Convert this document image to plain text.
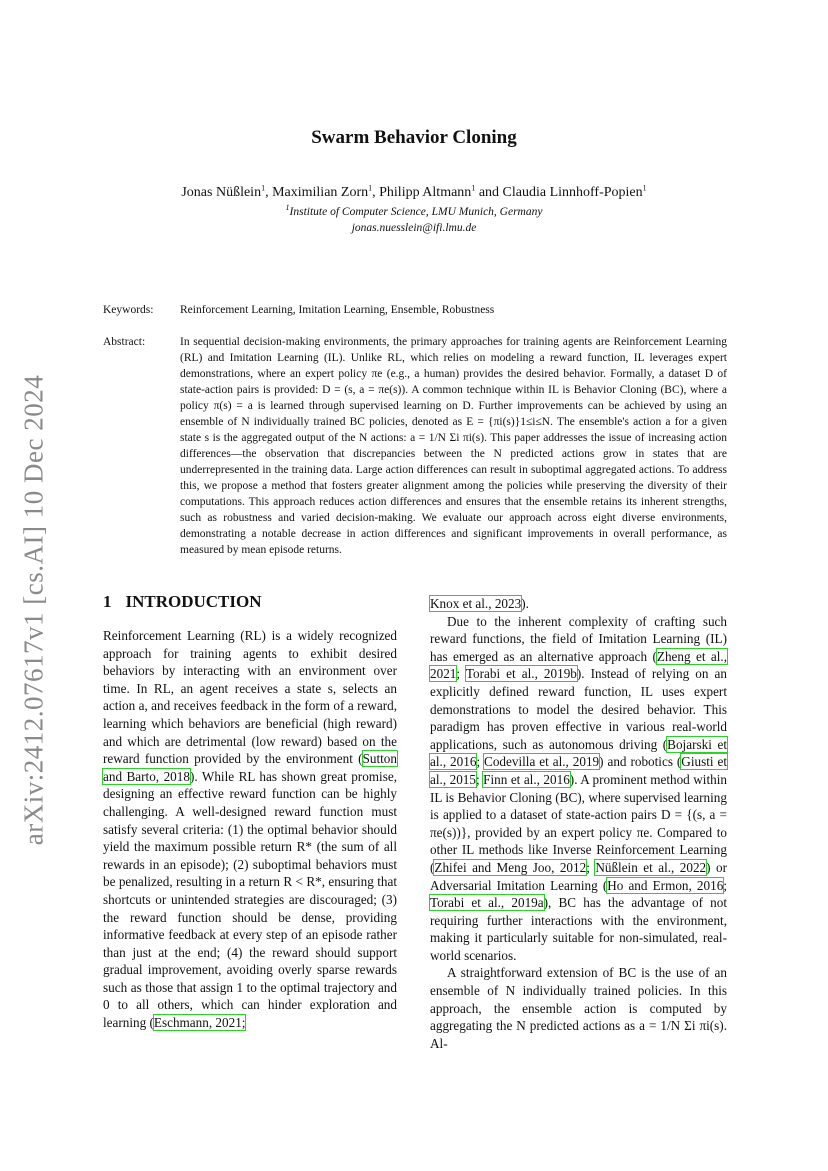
arXiv:2412.07617v1 [cs.AI] 10 Dec 2024
Swarm Behavior Cloning
Jonas Nüßlein$^1$, Maximilian Zorn$^1$, Philipp Altmann$^1$ and Claudia Linnhoff-Popien$^1$
$^1$Institute of Computer Science, LMU Munich, Germany
jonas.nuesslein@ifi.lmu.de
Keywords: Reinforcement Learning, Imitation Learning, Ensemble, Robustness
Abstract:	In sequential decision-making environments, the primary approaches for training agents are Reinforcement Learning (RL) and Imitation Learning (IL). Unlike RL, which relies on modeling a reward function, IL leverages expert demonstrations, where an expert policy πe (e.g., a human) provides the desired behavior. Formally, a dataset D of state-action pairs is provided: D = (s, a = πe(s)). A common technique within IL is Behavior Cloning (BC), where a policy π(s) = a is learned through supervised learning on D. Further improvements can be achieved by using an ensemble of N individually trained BC policies, denoted as E = {πi(s)}1≤i≤N. The ensemble's action a for a given state s is the aggregated output of the N actions: a = 1/N Σi πi(s). This paper addresses the issue of increasing action differences—the observation that discrepancies between the N predicted actions grow in states that are underrepresented in the training data. Large action differences can result in suboptimal aggregated actions. To address this, we propose a method that fosters greater alignment among the policies while preserving the diversity of their computations. This approach reduces action differences and ensures that the ensemble retains its inherent strengths, such as robustness and varied decision-making. We evaluate our approach across eight diverse environments, demonstrating a notable decrease in action differences and significant improvements in overall performance, as measured by mean episode returns.
1 INTRODUCTION

Reinforcement Learning (RL) is a widely recognized approach for training agents to exhibit desired behaviors by interacting with an environment over time. In RL, an agent receives a state s, selects an action a, and receives feedback in the form of a reward, learning which behaviors are beneficial (high reward) and which are detrimental (low reward) based on the reward function provided by the environment (Sutton and Barto, 2018). While RL has shown great promise, designing an effective reward function can be highly challenging. A well-designed reward function must satisfy several criteria: (1) the optimal behavior should yield the maximum possible return R* (the sum of all rewards in an episode); (2) suboptimal behaviors must be penalized, resulting in a return R < R*, ensuring that shortcuts or unintended strategies are discouraged; (3) the reward function should be dense, providing informative feedback at every step of an episode rather than just at the end; (4) the reward should support gradual improvement, avoiding overly sparse rewards such as those that assign 1 to the optimal trajectory and 0 to all others, which can hinder exploration and learning (Eschmann, 2021;

Knox et al., 2023).

Due to the inherent complexity of crafting such reward functions, the field of Imitation Learning (IL) has emerged as an alternative approach (Zheng et al., 2021; Torabi et al., 2019b). Instead of relying on an explicitly defined reward function, IL uses expert demonstrations to model the desired behavior. This paradigm has proven effective in various real-world applications, such as autonomous driving (Bojarski et al., 2016; Codevilla et al., 2019) and robotics (Giusti et al., 2015; Finn et al., 2016). A prominent method within IL is Behavior Cloning (BC), where supervised learning is applied to a dataset of state-action pairs D = {(s, a = πe(s))}, provided by an expert policy πe. Compared to other IL methods like Inverse Reinforcement Learning (Zhifei and Meng Joo, 2012; Nüßlein et al., 2022) or Adversarial Imitation Learning (Ho and Ermon, 2016; Torabi et al., 2019a), BC has the advantage of not requiring further interactions with the environment, making it particularly suitable for non-simulated, real-world scenarios.

A straightforward extension of BC is the use of an ensemble of N individually trained policies. In this approach, the ensemble action is computed by aggregating the N predicted actions as a = 1/N Σi πi(s). Al-
